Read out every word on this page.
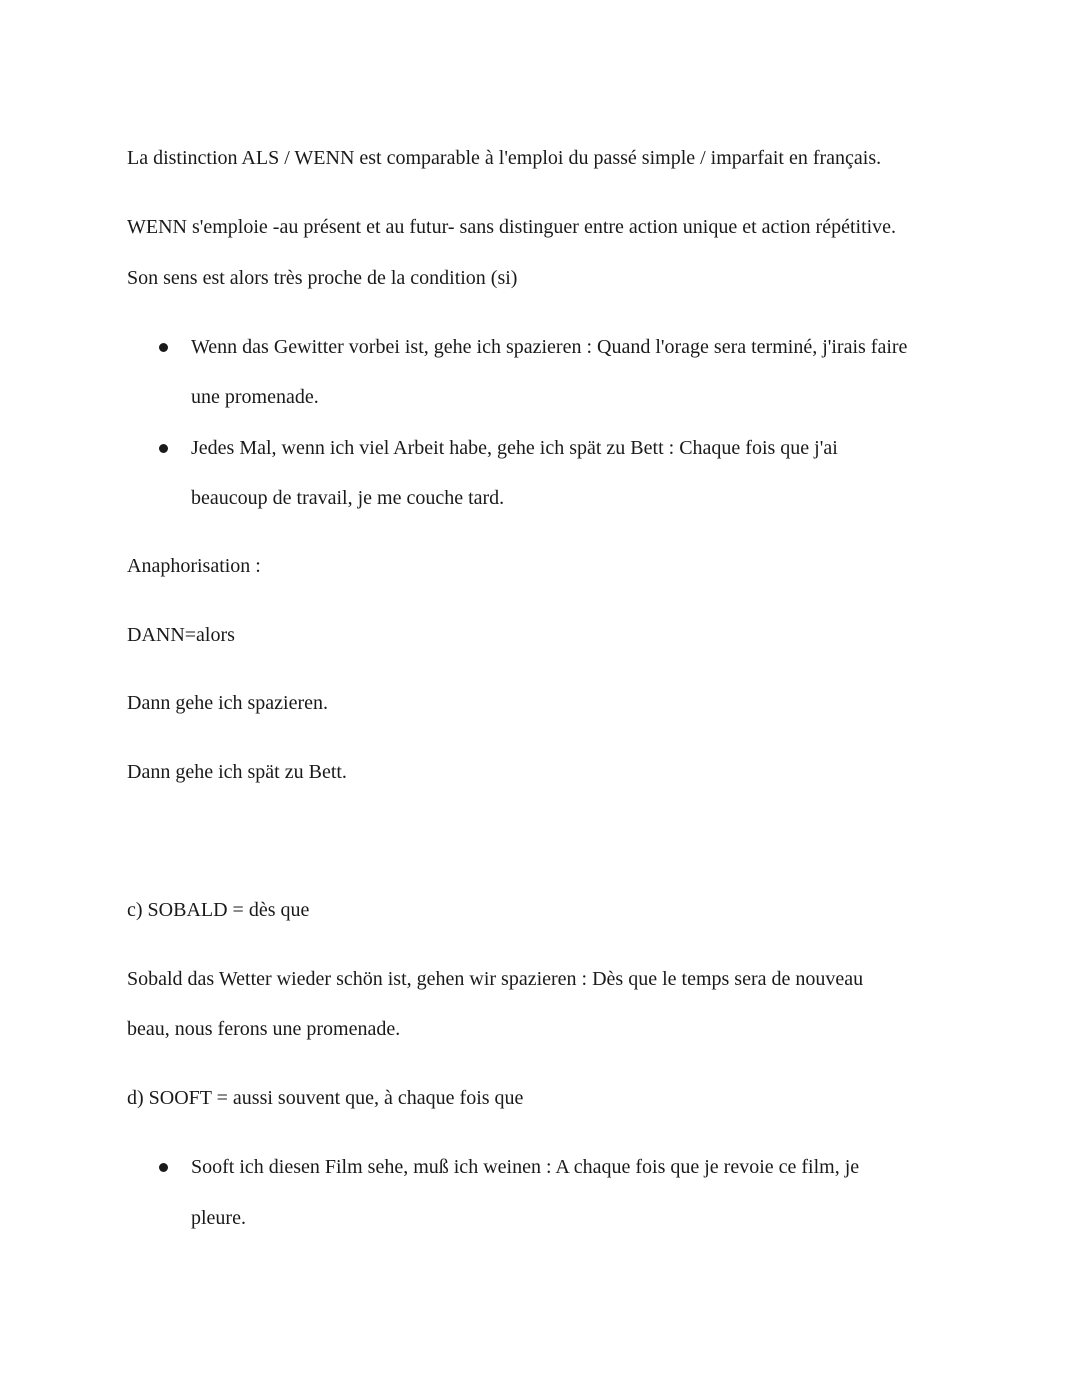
La distinction ALS / WENN est comparable à l'emploi du passé simple / imparfait en français.

WENN s'emploie -au présent et au futur- sans distinguer entre action unique et action répétitive.

Son sens est alors très proche de la condition (si)

Wenn das Gewitter vorbei ist, gehe ich spazieren : Quand l'orage sera terminé, j'irais faire

une promenade.

Jedes Mal, wenn ich viel Arbeit habe, gehe ich spät zu Bett : Chaque fois que j'ai

beaucoup de travail, je me couche tard.

Anaphorisation :

DANN=alors

Dann gehe ich spazieren.

Dann gehe ich spät zu Bett.

c) SOBALD = dès que

Sobald das Wetter wieder schön ist, gehen wir spazieren : Dès que le temps sera de nouveau

beau, nous ferons une promenade.

d) SOOFT = aussi souvent que, à chaque fois que

Sooft ich diesen Film sehe, muß ich weinen : A chaque fois que je revoie ce film, je

pleure.
